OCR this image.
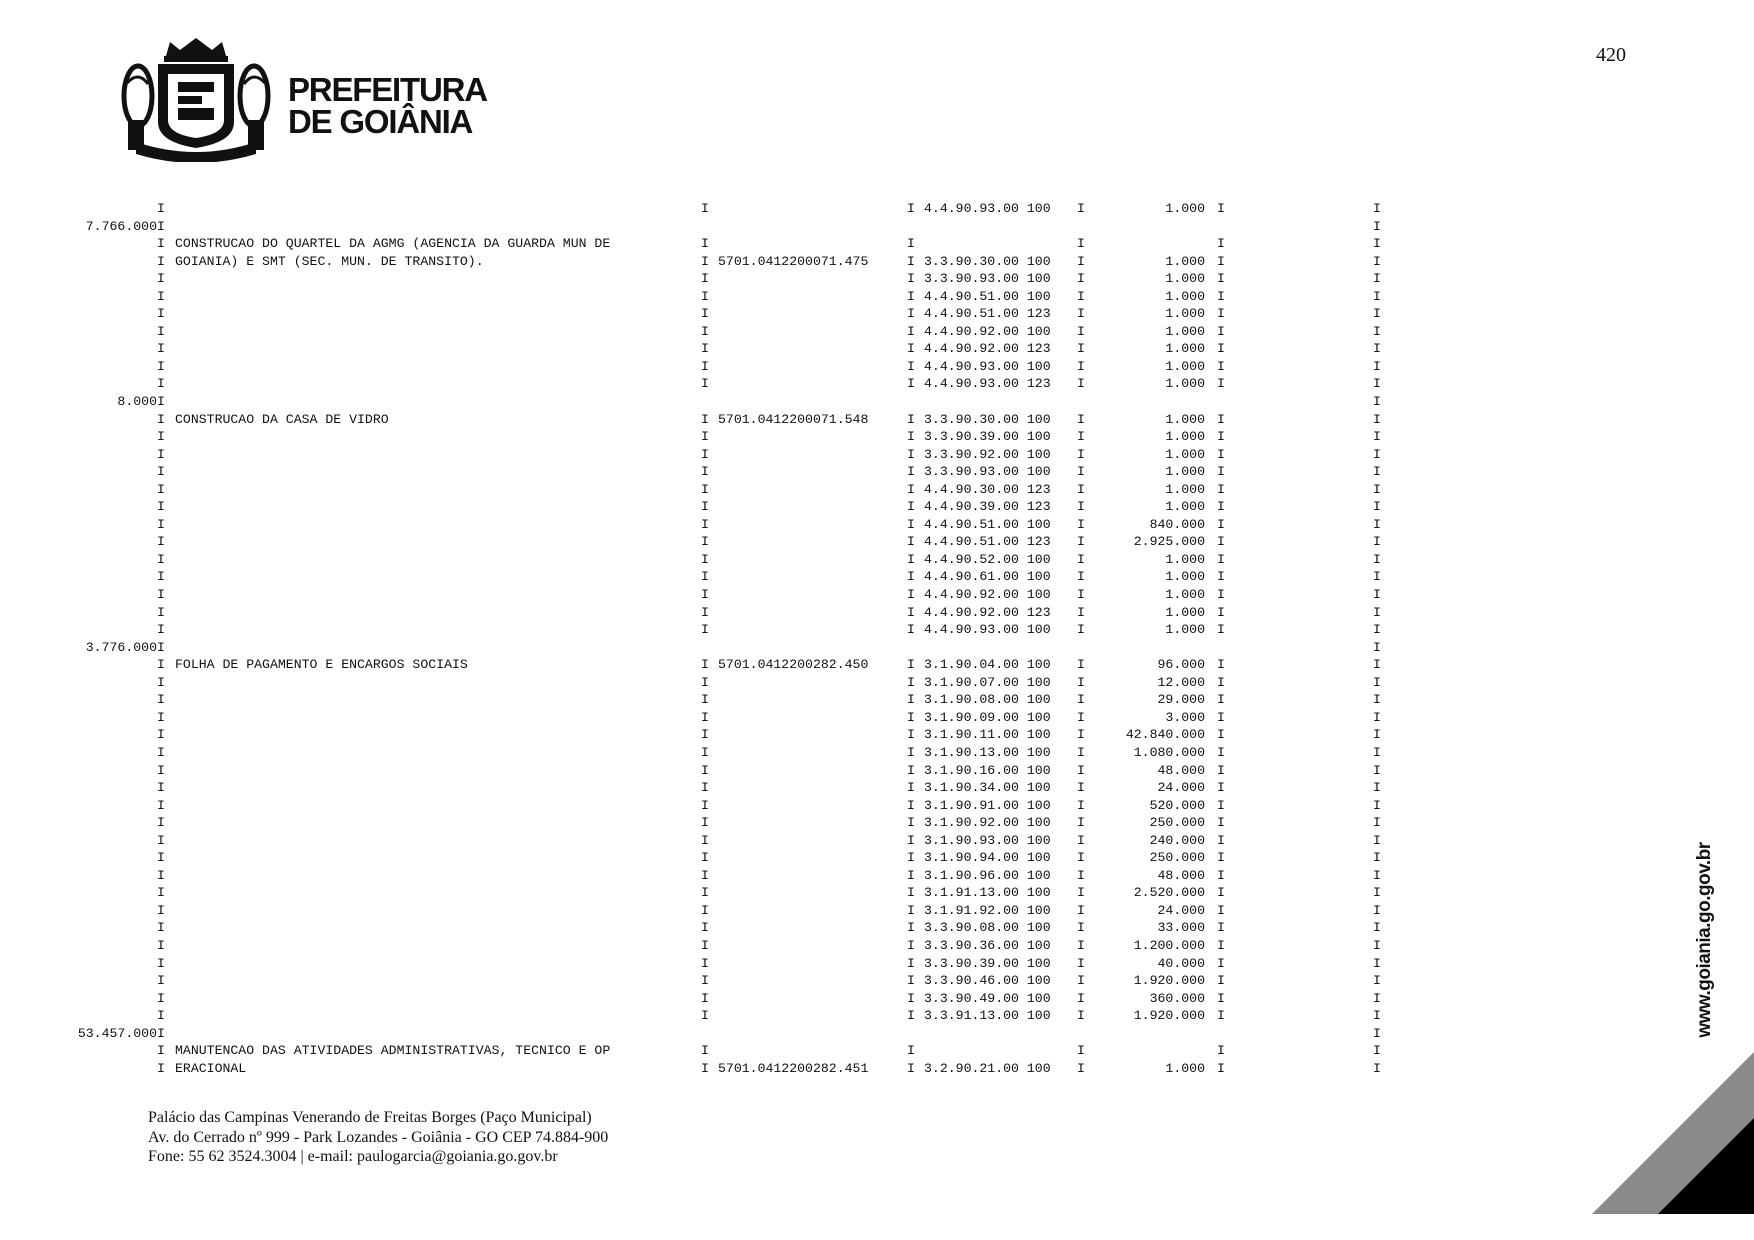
PREFEITURA
DE GOIÂNIA
420
I	I	I 4.4.90.93.00 100 I	1.000 I	I
I
7.766.000	I
I CONSTRUCAO DO QUARTEL DA AGMG (AGENCIA DA GUARDA MUN DE	I	I	I	I	I
I GOIANIA) E SMT (SEC. MUN. DE TRANSITO).	I 5701.0412200071.475	I 3.3.90.30.00 100 I	1.000 I	I
I	I	I 3.3.90.93.00 100 I	1.000 I	I
I	I	I 4.4.90.51.00 100 I	1.000 I	I
I	I	I 4.4.90.51.00 123 I	1.000 I	I
I	I	I 4.4.90.92.00 100 I	1.000 I	I
I	I	I 4.4.90.92.00 123 I	1.000 I	I
I	I	I 4.4.90.93.00 100 I	1.000 I	I
I	I	I 4.4.90.93.00 123 I	1.000 I	I
I
8.000	I
I CONSTRUCAO DA CASA DE VIDRO	I 5701.0412200071.548	I 3.3.90.30.00 100 I	1.000 I	I
I	I	I 3.3.90.39.00 100 I	1.000 I	I
I	I	I 3.3.90.92.00 100 I	1.000 I	I
I	I	I 3.3.90.93.00 100 I	1.000 I	I
I	I	I 4.4.90.30.00 123 I	1.000 I	I
I	I	I 4.4.90.39.00 123 I	1.000 I	I
I	I	I 4.4.90.51.00 100 I	840.000 I	I
I	I	I 4.4.90.51.00 123 I	2.925.000 I	I
I	I	I 4.4.90.52.00 100 I	1.000 I	I
I	I	I 4.4.90.61.00 100 I	1.000 I	I
I	I	I 4.4.90.92.00 100 I	1.000 I	I
I	I	I 4.4.90.92.00 123 I	1.000 I	I
I	I	I 4.4.90.93.00 100 I	1.000 I	I
I
3.776.000	I
I FOLHA DE PAGAMENTO E ENCARGOS SOCIAIS	I 5701.0412200282.450	I 3.1.90.04.00 100 I	96.000 I	I
I	I	I 3.1.90.07.00 100 I	12.000 I	I
I	I	I 3.1.90.08.00 100 I	29.000 I	I
I	I	I 3.1.90.09.00 100 I	3.000 I	I
I	I	I 3.1.90.11.00 100 I	42.840.000 I	I
I	I	I 3.1.90.13.00 100 I	1.080.000 I	I
I	I	I 3.1.90.16.00 100 I	48.000 I	I
I	I	I 3.1.90.34.00 100 I	24.000 I	I
I	I	I 3.1.90.91.00 100 I	520.000 I	I
I	I	I 3.1.90.92.00 100 I	250.000 I	I
I	I	I 3.1.90.93.00 100 I	240.000 I	I
I	I	I 3.1.90.94.00 100 I	250.000 I	I
I	I	I 3.1.90.96.00 100 I	48.000 I	I
I	I	I 3.1.91.13.00 100 I	2.520.000 I	I
I	I	I 3.1.91.92.00 100 I	24.000 I	I
I	I	I 3.3.90.08.00 100 I	33.000 I	I
I	I	I 3.3.90.36.00 100 I	1.200.000 I	I
I	I	I 3.3.90.39.00 100 I	40.000 I	I
I	I	I 3.3.90.46.00 100 I	1.920.000 I	I
I	I	I 3.3.90.49.00 100 I	360.000 I	I
I	I	I 3.3.91.13.00 100 I	1.920.000 I	I
I
53.457.000	I
I MANUTENCAO DAS ATIVIDADES ADMINISTRATIVAS, TECNICO E OP	I	I	I	I	I
I ERACIONAL	I 5701.0412200282.451	I 3.2.90.21.00 100 I	1.000 I	I
www.goiania.go.gov.br
Palácio das Campinas Venerando de Freitas Borges (Paço Municipal)
Av. do Cerrado nº 999 - Park Lozandes - Goiânia - GO CEP 74.884-900
Fone: 55 62 3524.3004 | e-mail: paulogarcia@goiania.go.gov.br
